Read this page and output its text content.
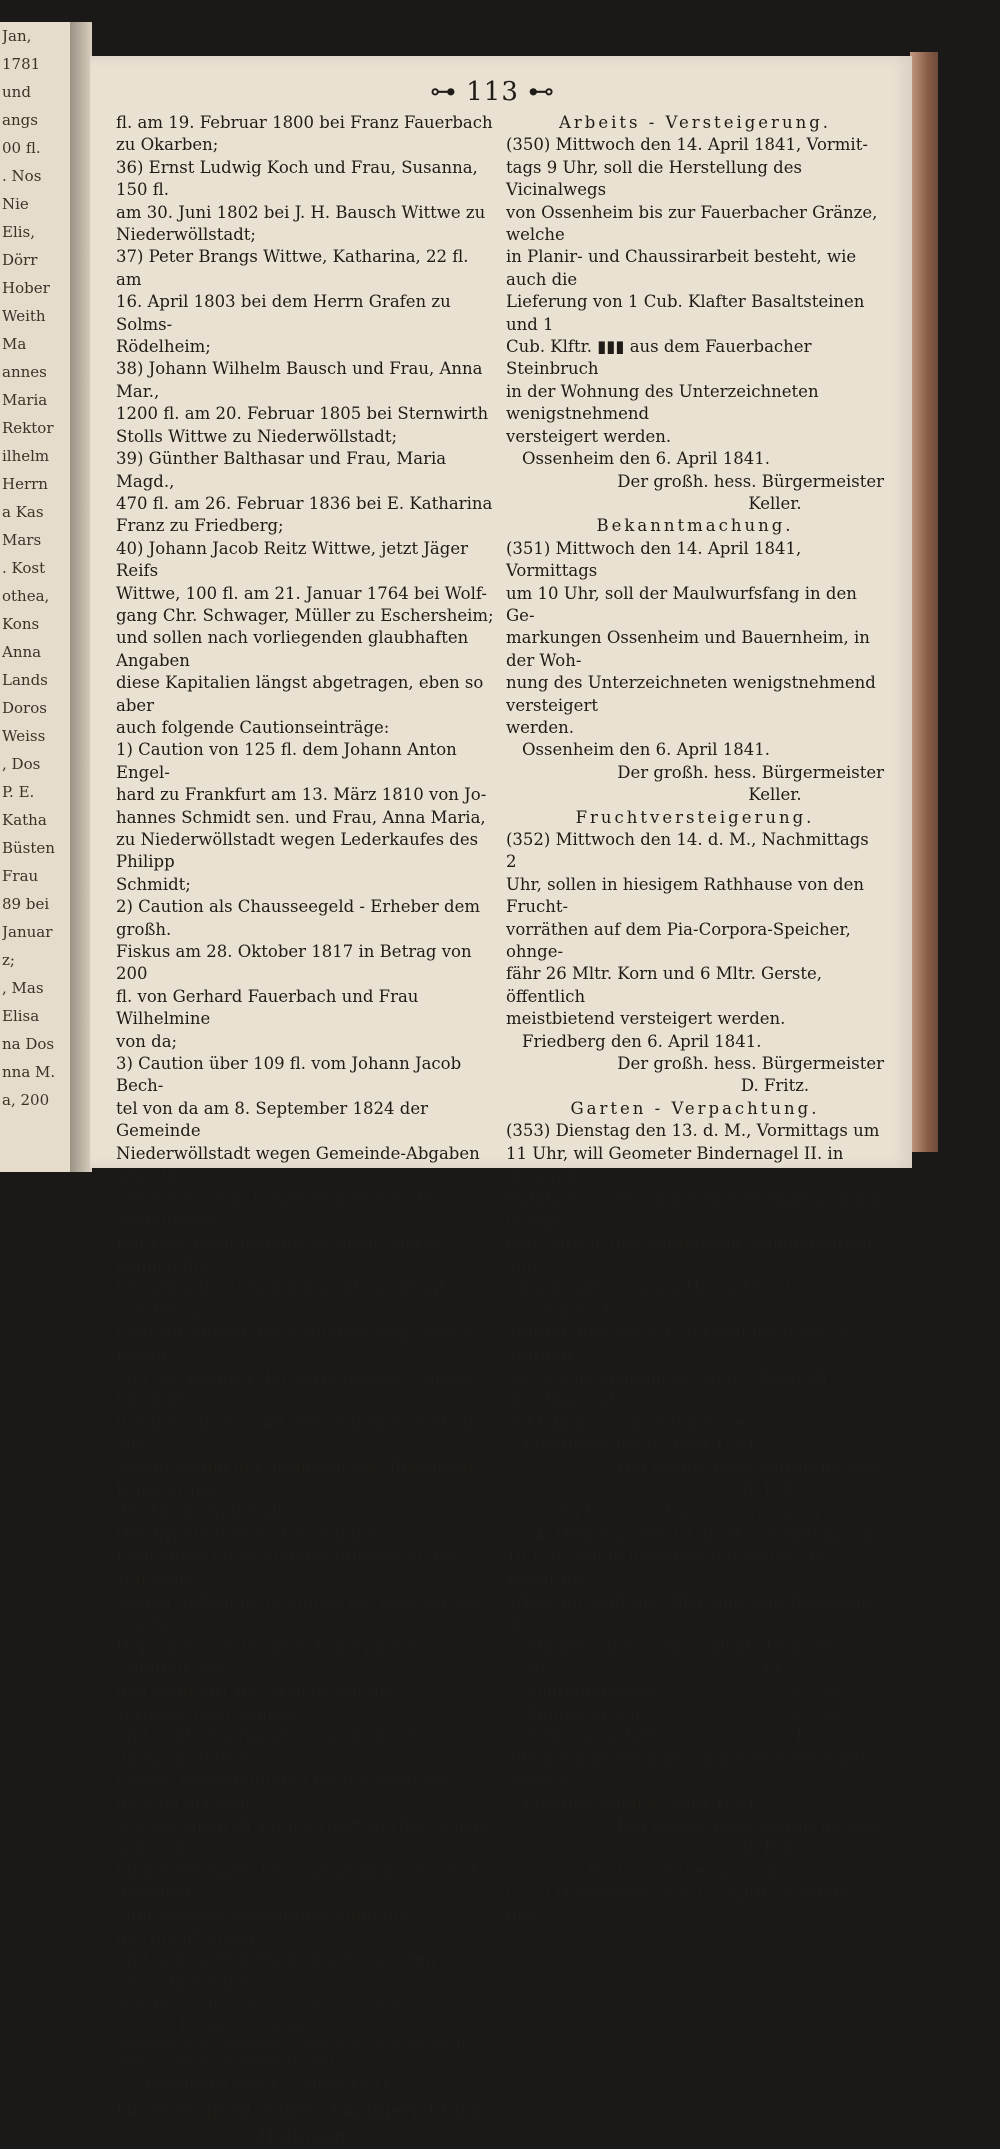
Jan,
1781
und
angs
00 fl.
. Nos
Nie
Elis,
Dörr
Hober
Weith
Ma
annes
Maria
Rektor
ilhelm
Herrn
a Kas
Mars
. Kost
othea,
Kons
Anna
Lands
Doros
Weiss
, Dos
P. E.
Katha
Büsten
Frau
89 bei
Januar
z;
, Mas
Elisa
na Dos
nna M.
a, 200
⊶ 113 ⊷

fl. am 19. Februar 1800 bei Franz Fauerbach

zu Okarben;

36) Ernst Ludwig Koch und Frau, Susanna, 150 fl.

am 30. Juni 1802 bei J. H. Bausch Wittwe zu

Niederwöllstadt;

37) Peter Brangs Wittwe, Katharina, 22 fl. am

16. April 1803 bei dem Herrn Grafen zu Solms-

Rödelheim;

38) Johann Wilhelm Bausch und Frau, Anna Mar.,

1200 fl. am 20. Februar 1805 bei Sternwirth

Stolls Wittwe zu Niederwöllstadt;

39) Günther Balthasar und Frau, Maria Magd.,

470 fl. am 26. Februar 1836 bei E. Katharina

Franz zu Friedberg;

40) Johann Jacob Reitz Wittwe, jetzt Jäger Reifs

Wittwe, 100 fl. am 21. Januar 1764 bei Wolf-

gang Chr. Schwager, Müller zu Eschersheim;

und sollen nach vorliegenden glaubhaften Angaben

diese Kapitalien längst abgetragen, eben so aber

auch folgende Cautionseinträge:

1) Caution von 125 fl. dem Johann Anton Engel-

hard zu Frankfurt am 13. März 1810 von Jo-

hannes Schmidt sen. und Frau, Anna Maria,

zu Niederwöllstadt wegen Lederkaufes des Philipp

Schmidt;

2) Caution als Chausseegeld - Erheber dem großh.

Fiskus am 28. Oktober 1817 in Betrag von 200

fl. von Gerhard Fauerbach und Frau Wilhelmine

von da;

3) Caution über 109 fl. vom Johann Jacob Bech-

tel von da am 8. September 1824 der Gemeinde

Niederwöllstadt wegen Gemeinde-Abgaben gestellt,

erloschen seyn. Inzwischen stehen die desfallsigen

Einträge noch ungelöscht offen, und es können die

betreffenden Urkunden nicht vorgelegt werden, wes-

halb auf Antrag der Schuldner resp. deren Erben

und der Besitzer der verpfändeten Objekte hinsicht-

lich der sub Nro. 40. erwähnten Schuld aber aus

Veranlassung der dermalen stattfindenden Erneuerung

der Niederwöllstädter Ortshypothekenbücher und der

Errichtung eines Amtshypothekenbuches, von Amts-

wegen (indem nicht einmal die Besitzer der in jener

Hypothek constituirten Unterpfänder ermittelt wer-

den konnten) alle, welche auf die vorgedachten Schuld-

und Cautionsurkunden, sowie aus den darnach stattge-

habten Verpfändungen noch Ansprüche geltend machen

wollen, andurch aufgefordert werden, solche sogewiß

binnen 60 Tagen hier anzuzeigen, als sonst dieselben

ohne weitere Bekanntmachung für mortificirt erklärt

und in dem Hypothekenbuche werden gelöscht werden.

N. B. Bei der Inseration vorstehender Edictalladung in Nr. 13 d. Bl. hatten sich unter Nr. 19 und 39 Namensverwechselungen eingeschlichen, die nach obiger Angabe abzuändern sind.

Friedberg den 17. März 1841.

Gr. hess. gräfl. solms. Landgericht das.

Hofmann.

Arbeits - Versteigerung.

(350) Mittwoch den 14. April 1841, Vormit-

tags 9 Uhr, soll die Herstellung des Vicinalwegs

von Ossenheim bis zur Fauerbacher Gränze, welche

in Planir- und Chaussirarbeit besteht, wie auch die

Lieferung von 1 Cub. Klafter Basaltsteinen und 1

Cub. Klftr. ▮▮▮ aus dem Fauerbacher Steinbruch

in der Wohnung des Unterzeichneten wenigstnehmend

versteigert werden.

Ossenheim den 6. April 1841.

Der großh. hess. Bürgermeister

Keller.

Bekanntmachung.

(351) Mittwoch den 14. April 1841, Vormittags

um 10 Uhr, soll der Maulwurfsfang in den Ge-

markungen Ossenheim und Bauernheim, in der Woh-

nung des Unterzeichneten wenigstnehmend versteigert

werden.

Ossenheim den 6. April 1841.

Der großh. hess. Bürgermeister

Keller.

Fruchtversteigerung.

(352) Mittwoch den 14. d. M., Nachmittags 2

Uhr, sollen in hiesigem Rathhause von den Frucht-

vorräthen auf dem Pia-Corpora-Speicher, ohnge-

fähr 26 Mltr. Korn und 6 Mltr. Gerste, öffentlich

meistbietend versteigert werden.

Friedberg den 6. April 1841.

Der großh. hess. Bürgermeister

D. Fritz.

Garten - Verpachtung.

(353) Dienstag den 13. d. M., Vormittags um

11 Uhr, will Geometer Bindernagel II. in hiesigem

Rathhause seine in hiesiger Burggemarkung gelege-

nen Gärten, den vormaligen Seminargarten, und

seinen Garten neben Herrn Morell, zusammen 4½

Morgen und zwar in Abtheilungen von ¼ Morgen,

wie solche abgepflockt sind, öffentlich meistbietend

auf 6 Jahre verpachten lassen.

Friedberg den 6. April 1841.

Der großh. hess. Bürgermeister

D. Fritz.

Arbeits - Versteigerung.

(354) Dienstag den 13. d. M., Vormittags um

10 Uhr, soll in hiesigem Rathhause die Reparatur-

arbeit im Stadthof (Bleichgarten) bestehend in

Maurerarbeit voranschlagt zu
18 fl. 59 kr.
Schreinerarbeit „ „	3 „ 20 „
Zimmerarbeit „ „	2 „ 40 „
Schlosserarbeit „ „	1 „ — „

öffentlich an Wenigstnehmende versteigert werden.

Friedberg den 6. April 1841.

Der großh. hess. Bürgermeister

D. Fritz.

Holzversteigerung.

(355) Donnerstag den 15. April, Morgens prä-
